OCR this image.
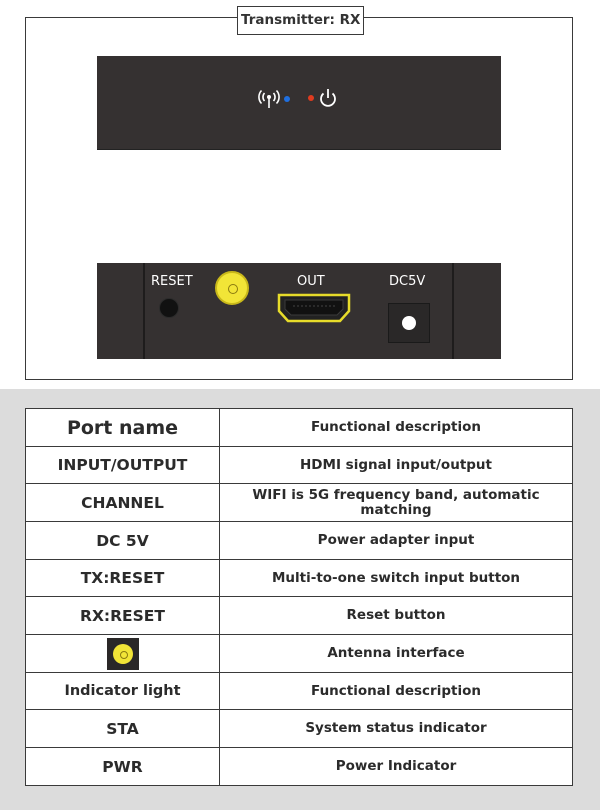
Transmitter: RX
RESET	OUT	DC5V
Port name	Functional description
INPUT/OUTPUT	HDMI signal input/output
CHANNEL	WIFI is 5G frequency band, automatic matching
DC 5V	Power adapter input
TX:RESET	Multi-to-one switch input button
RX:RESET	Reset button
	Antenna interface
Indicator light	Functional description
STA	System status indicator
PWR	Power Indicator
